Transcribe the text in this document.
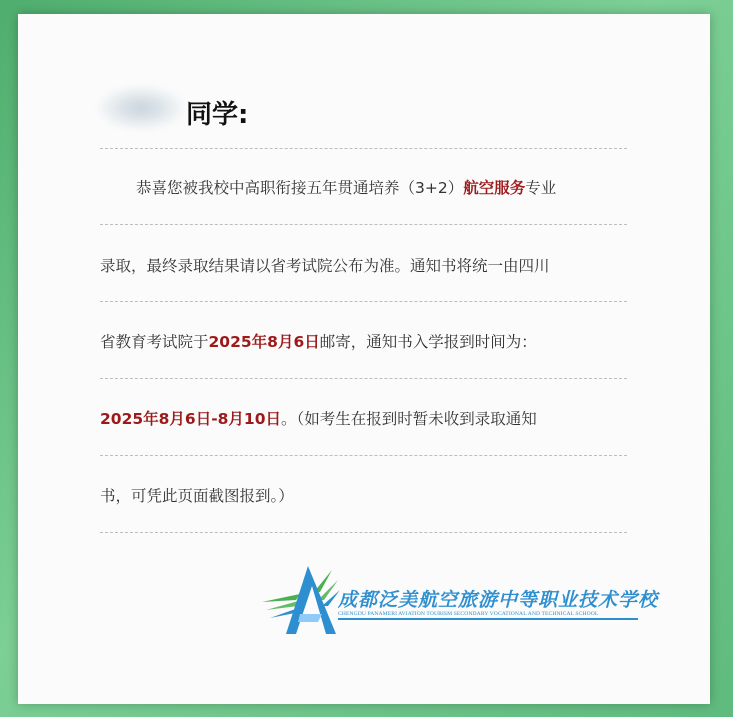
同学:
恭喜您被我校中高职衔接五年贯通培养（3+2）航空服务专业
录取，最终录取结果请以省考试院公布为准。通知书将统一由四川
省教育考试院于2025年8月6日邮寄，通知书入学报到时间为：
2025年8月6日-8月10日。（如考生在报到时暂未收到录取通知
书，可凭此页面截图报到。）
成都泛美航空旅游中等职业技术学校
CHENGDU PANAMERI AVIATION TOURISM SECONDARY VOCATIONAL AND TECHNICAL SCHOOL
